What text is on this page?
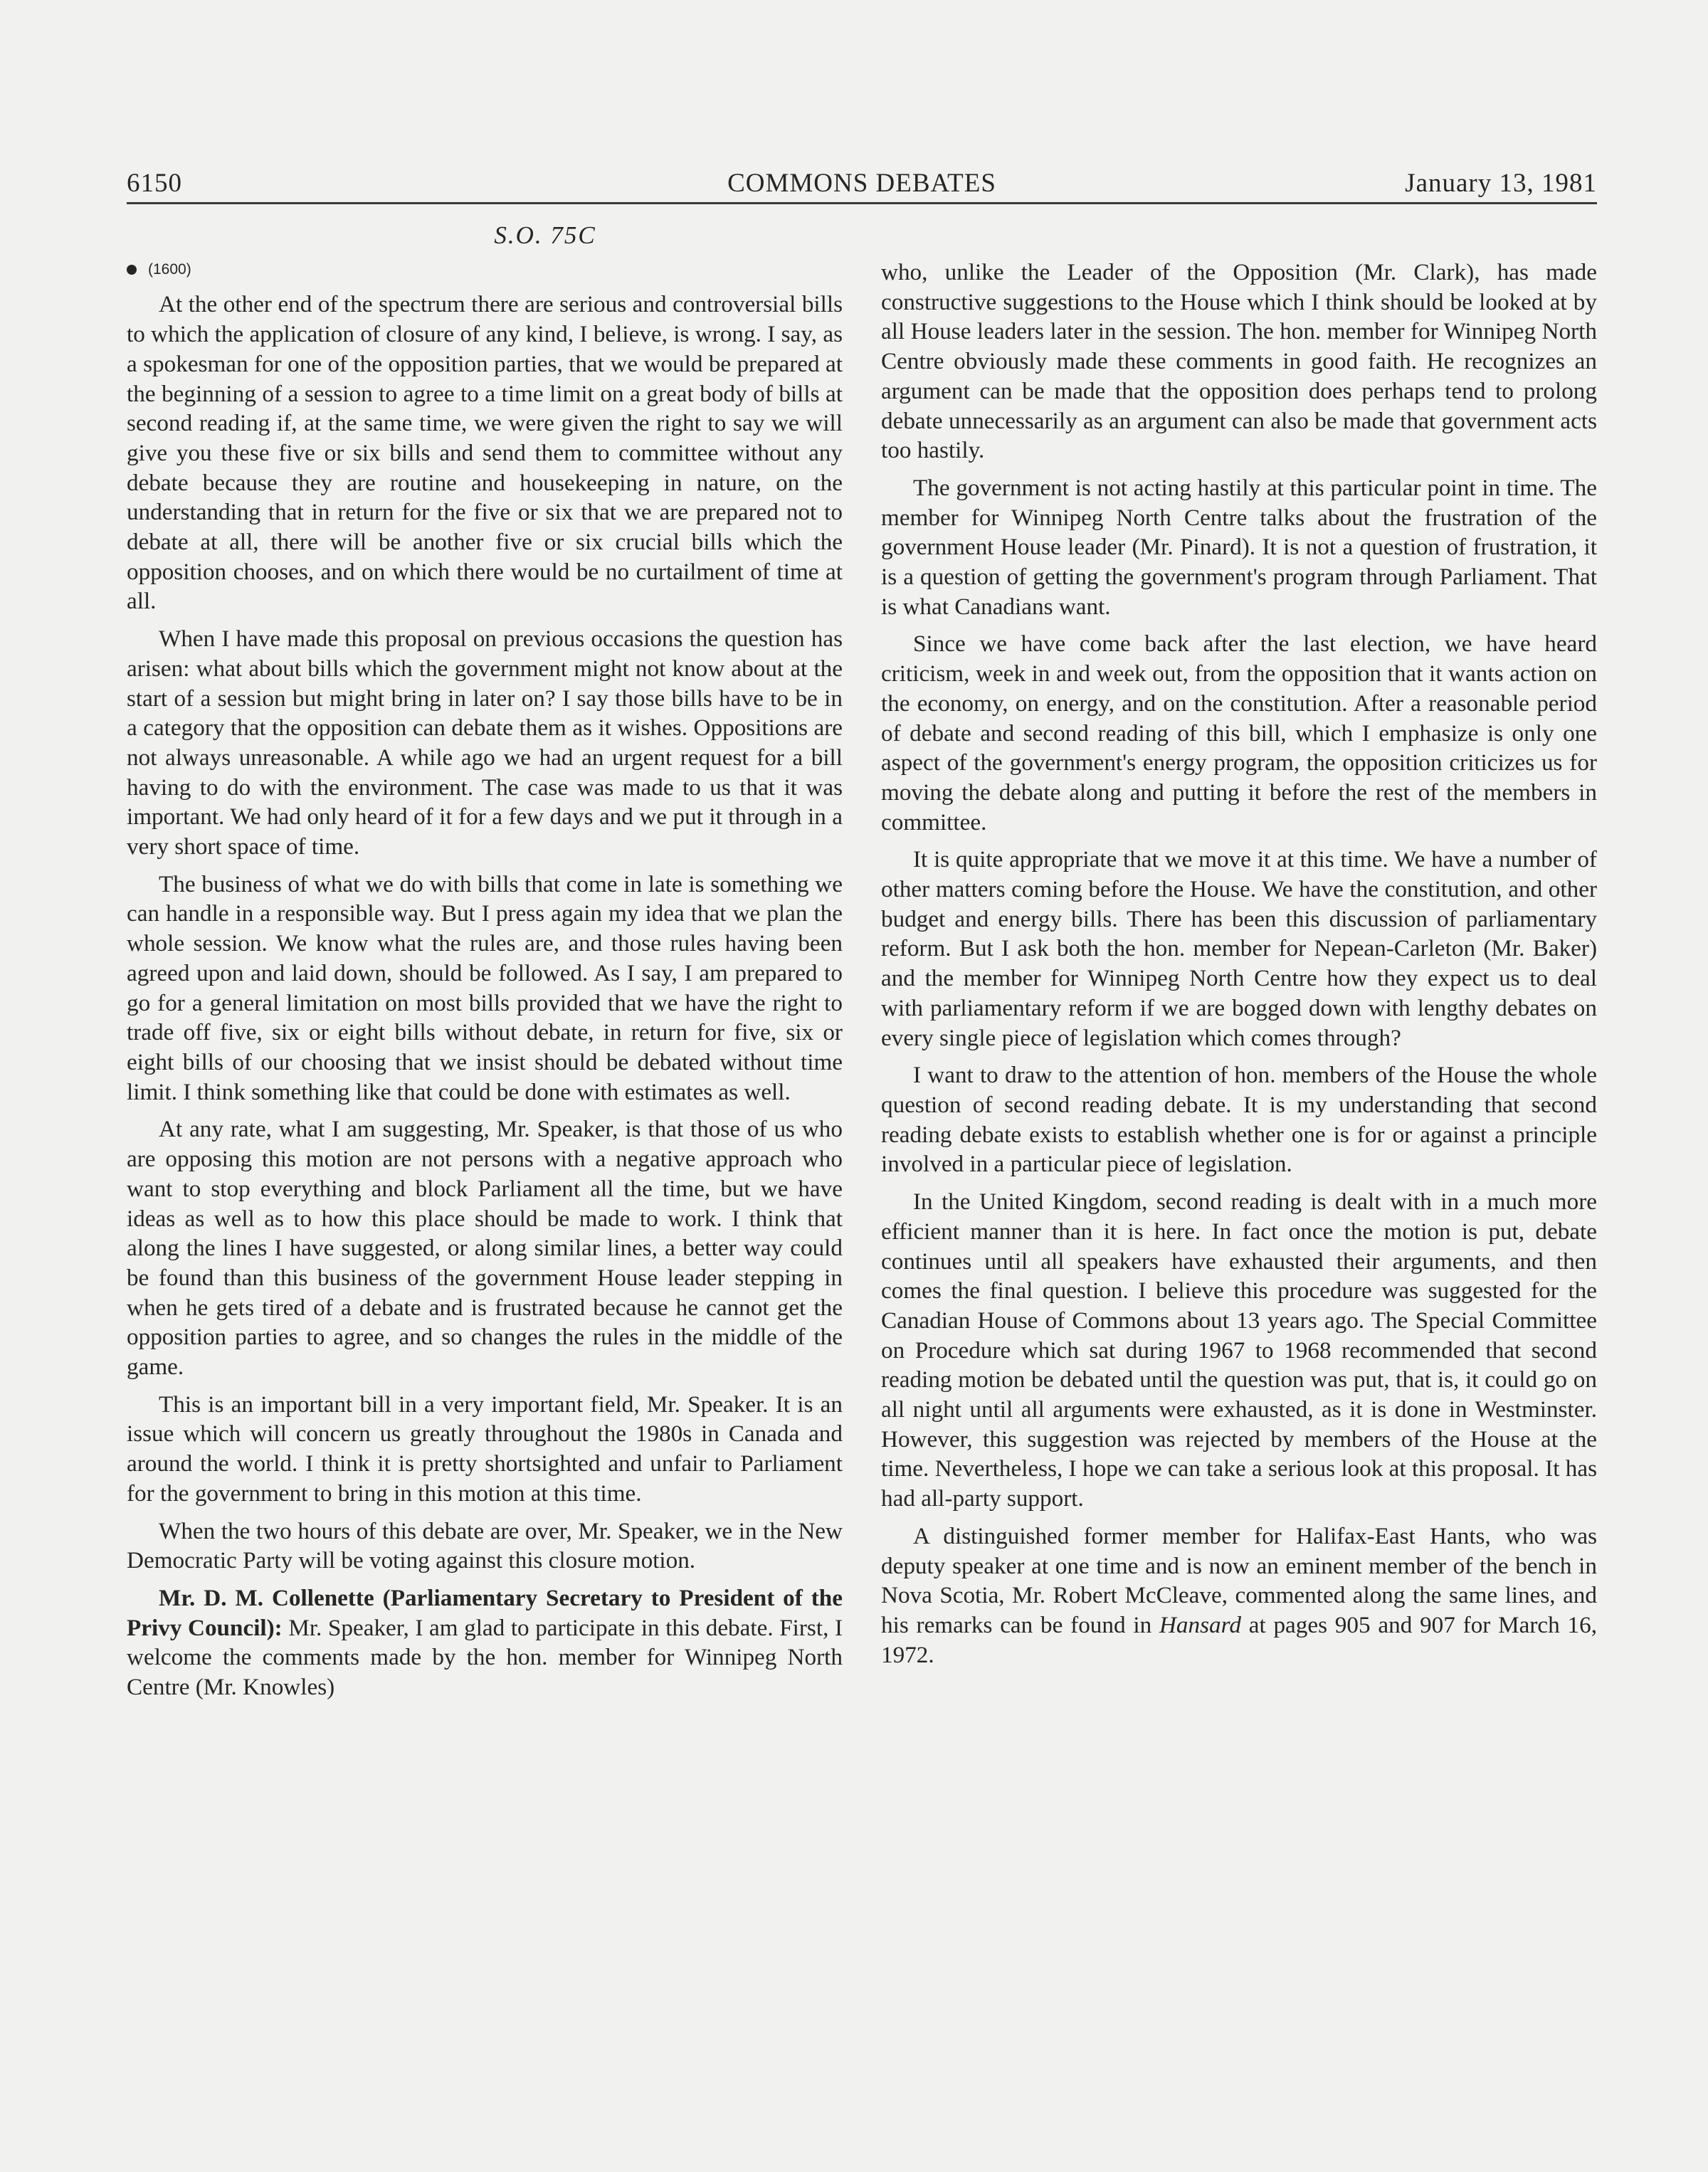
6150	COMMONS DEBATES	January 13, 1981

S.O. 75C

(1600)

At the other end of the spectrum there are serious and controversial bills to which the application of closure of any kind, I believe, is wrong. I say, as a spokesman for one of the opposition parties, that we would be prepared at the beginning of a session to agree to a time limit on a great body of bills at second reading if, at the same time, we were given the right to say we will give you these five or six bills and send them to committee without any debate because they are routine and housekeeping in nature, on the understanding that in return for the five or six that we are prepared not to debate at all, there will be another five or six crucial bills which the opposition chooses, and on which there would be no curtailment of time at all.

When I have made this proposal on previous occasions the question has arisen: what about bills which the government might not know about at the start of a session but might bring in later on? I say those bills have to be in a category that the opposition can debate them as it wishes. Oppositions are not always unreasonable. A while ago we had an urgent request for a bill having to do with the environment. The case was made to us that it was important. We had only heard of it for a few days and we put it through in a very short space of time.

The business of what we do with bills that come in late is something we can handle in a responsible way. But I press again my idea that we plan the whole session. We know what the rules are, and those rules having been agreed upon and laid down, should be followed. As I say, I am prepared to go for a general limitation on most bills provided that we have the right to trade off five, six or eight bills without debate, in return for five, six or eight bills of our choosing that we insist should be debated without time limit. I think something like that could be done with estimates as well.

At any rate, what I am suggesting, Mr. Speaker, is that those of us who are opposing this motion are not persons with a negative approach who want to stop everything and block Parliament all the time, but we have ideas as well as to how this place should be made to work. I think that along the lines I have suggested, or along similar lines, a better way could be found than this business of the government House leader stepping in when he gets tired of a debate and is frustrated because he cannot get the opposition parties to agree, and so changes the rules in the middle of the game.

This is an important bill in a very important field, Mr. Speaker. It is an issue which will concern us greatly throughout the 1980s in Canada and around the world. I think it is pretty shortsighted and unfair to Parliament for the government to bring in this motion at this time.

When the two hours of this debate are over, Mr. Speaker, we in the New Democratic Party will be voting against this closure motion.

Mr. D. M. Collenette (Parliamentary Secretary to President of the Privy Council): Mr. Speaker, I am glad to participate in this debate. First, I welcome the comments made by the hon. member for Winnipeg North Centre (Mr. Knowles)

who, unlike the Leader of the Opposition (Mr. Clark), has made constructive suggestions to the House which I think should be looked at by all House leaders later in the session. The hon. member for Winnipeg North Centre obviously made these comments in good faith. He recognizes an argument can be made that the opposition does perhaps tend to prolong debate unnecessarily as an argument can also be made that government acts too hastily.

The government is not acting hastily at this particular point in time. The member for Winnipeg North Centre talks about the frustration of the government House leader (Mr. Pinard). It is not a question of frustration, it is a question of getting the government's program through Parliament. That is what Canadians want.

Since we have come back after the last election, we have heard criticism, week in and week out, from the opposition that it wants action on the economy, on energy, and on the constitution. After a reasonable period of debate and second reading of this bill, which I emphasize is only one aspect of the government's energy program, the opposition criticizes us for moving the debate along and putting it before the rest of the members in committee.

It is quite appropriate that we move it at this time. We have a number of other matters coming before the House. We have the constitution, and other budget and energy bills. There has been this discussion of parliamentary reform. But I ask both the hon. member for Nepean-Carleton (Mr. Baker) and the member for Winnipeg North Centre how they expect us to deal with parliamentary reform if we are bogged down with lengthy debates on every single piece of legislation which comes through?

I want to draw to the attention of hon. members of the House the whole question of second reading debate. It is my understanding that second reading debate exists to establish whether one is for or against a principle involved in a particular piece of legislation.

In the United Kingdom, second reading is dealt with in a much more efficient manner than it is here. In fact once the motion is put, debate continues until all speakers have exhausted their arguments, and then comes the final question. I believe this procedure was suggested for the Canadian House of Commons about 13 years ago. The Special Committee on Procedure which sat during 1967 to 1968 recommended that second reading motion be debated until the question was put, that is, it could go on all night until all arguments were exhausted, as it is done in Westminster. However, this suggestion was rejected by members of the House at the time. Nevertheless, I hope we can take a serious look at this proposal. It has had all-party support.

A distinguished former member for Halifax-East Hants, who was deputy speaker at one time and is now an eminent member of the bench in Nova Scotia, Mr. Robert McCleave, commented along the same lines, and his remarks can be found in Hansard at pages 905 and 907 for March 16, 1972.
